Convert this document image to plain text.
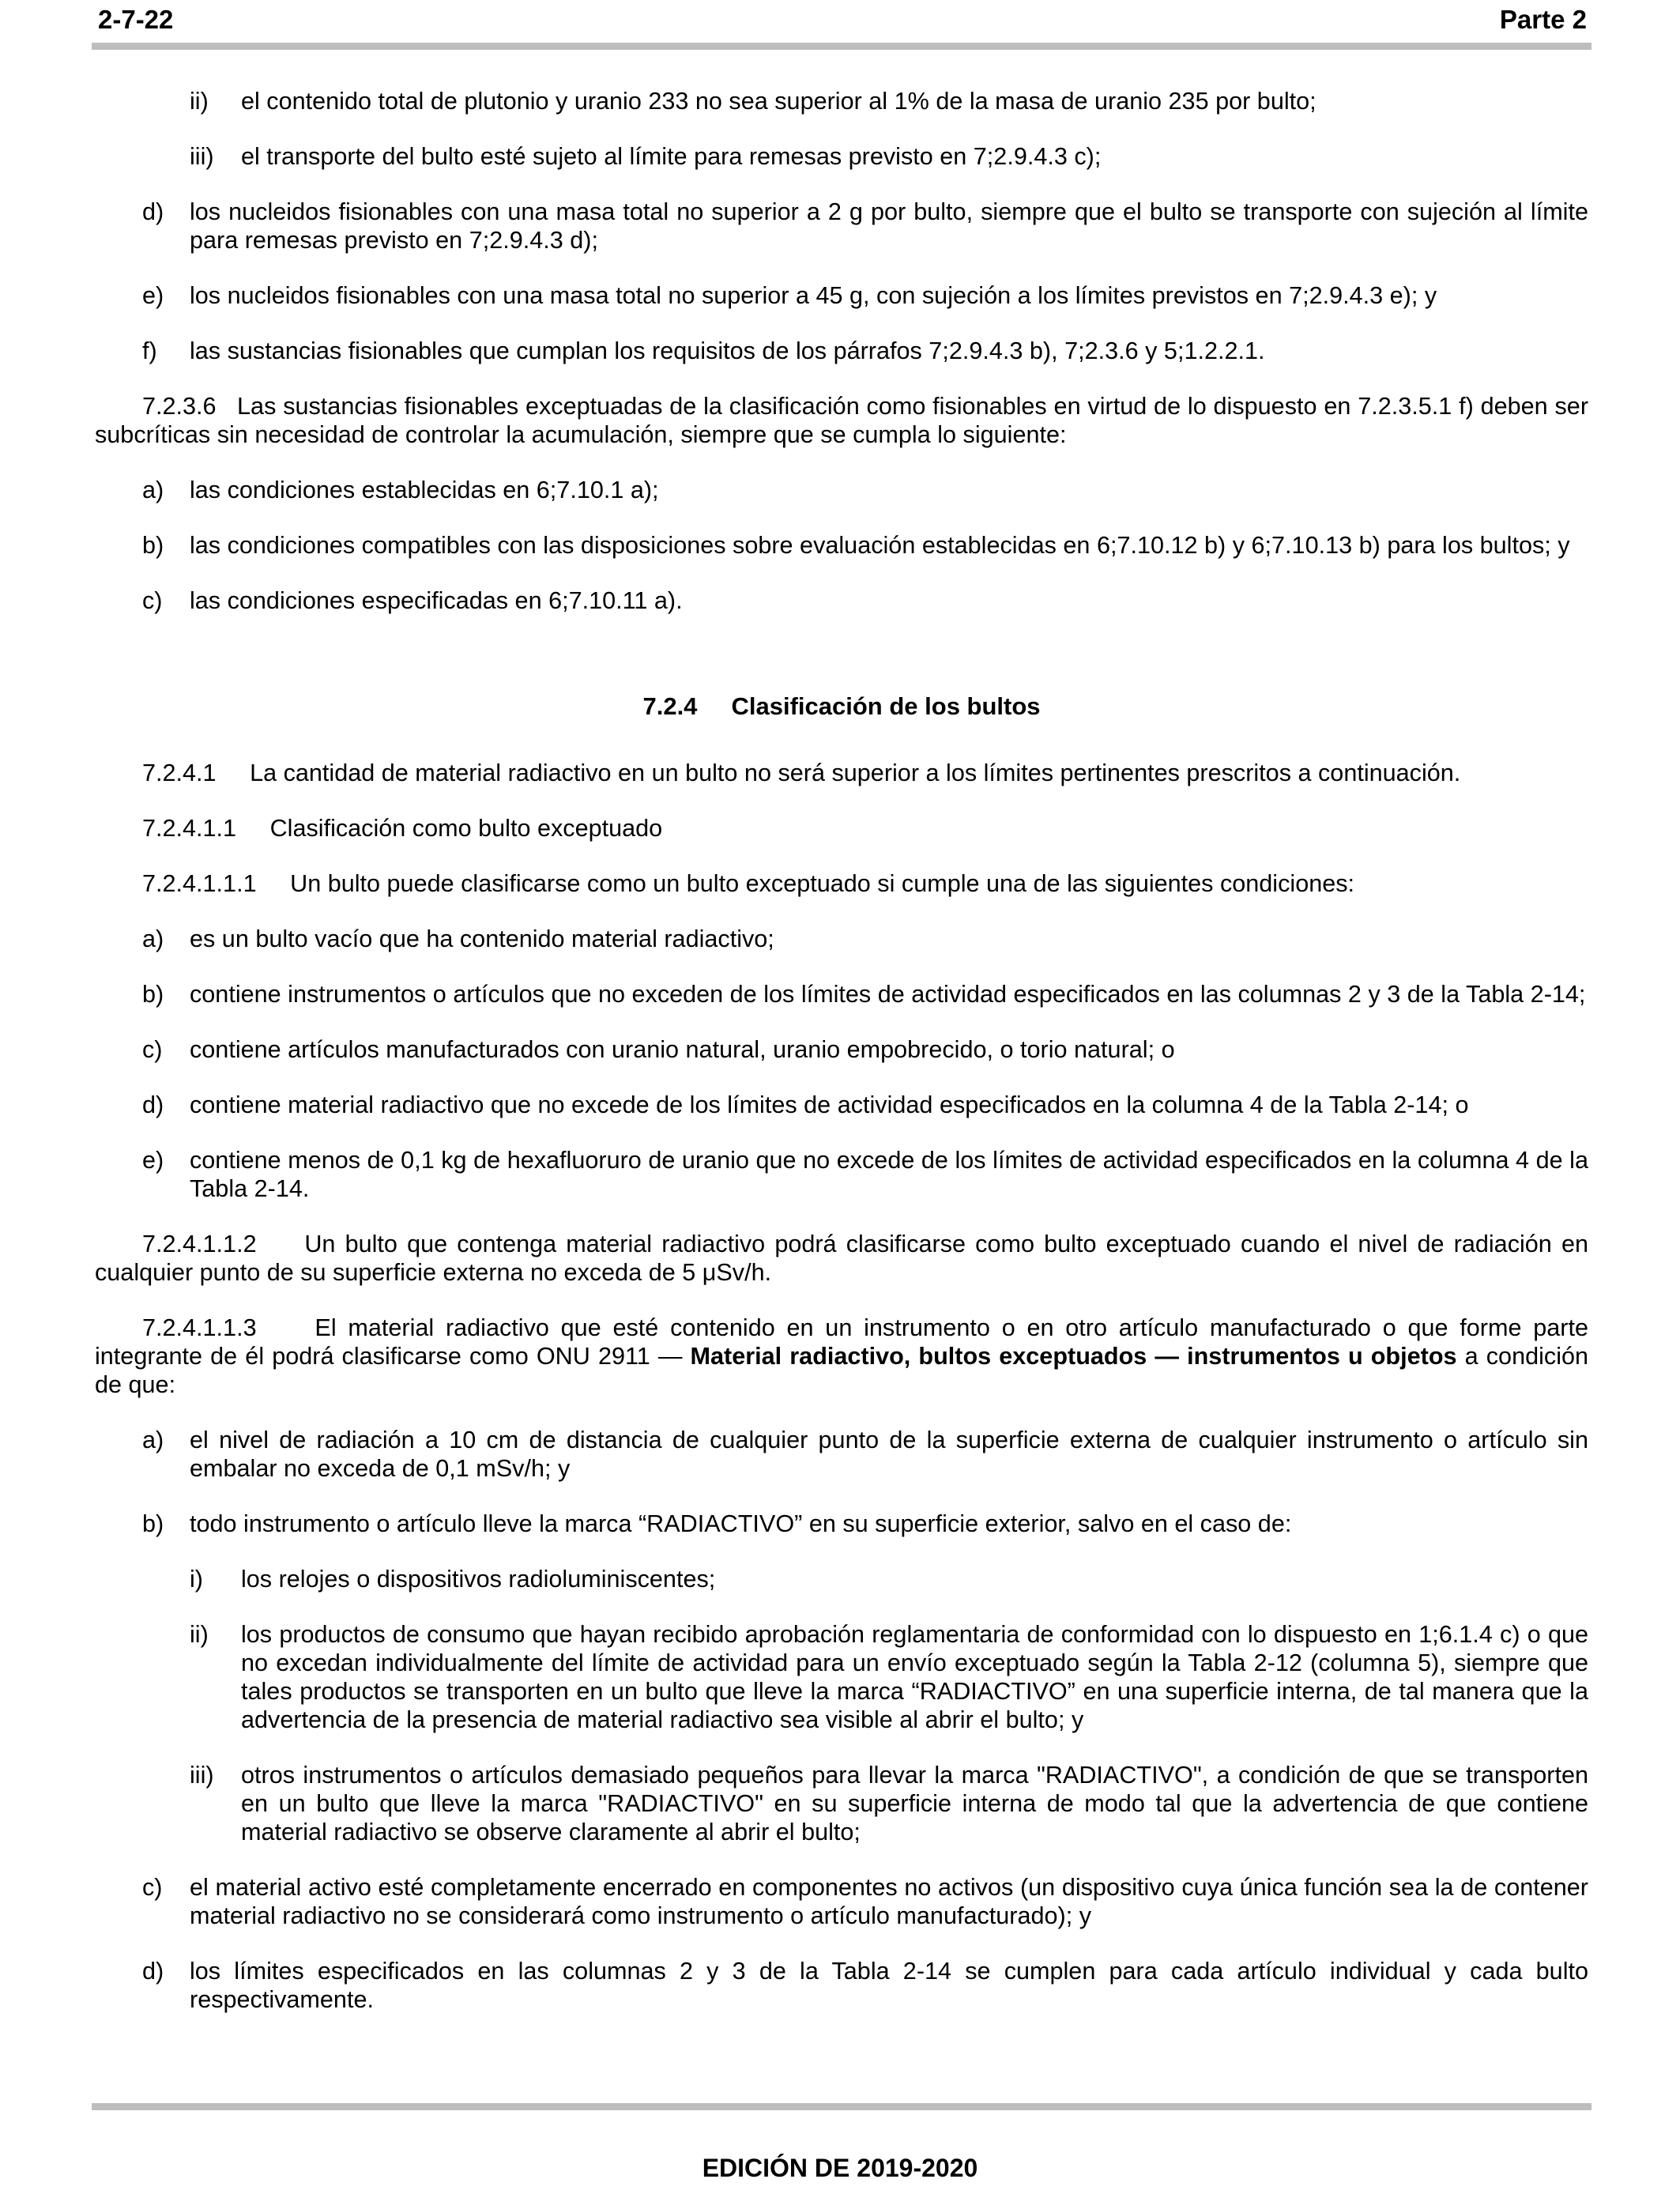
2-7-22	Parte 2
ii) el contenido total de plutonio y uranio 233 no sea superior al 1% de la masa de uranio 235 por bulto;
iii) el transporte del bulto esté sujeto al límite para remesas previsto en 7;2.9.4.3 c);
d) los nucleidos fisionables con una masa total no superior a 2 g por bulto, siempre que el bulto se transporte con sujeción al límite para remesas previsto en 7;2.9.4.3 d);
e) los nucleidos fisionables con una masa total no superior a 45 g, con sujeción a los límites previstos en 7;2.9.4.3 e); y
f) las sustancias fisionables que cumplan los requisitos de los párrafos 7;2.9.4.3 b), 7;2.3.6 y 5;1.2.2.1.

7.2.3.6 Las sustancias fisionables exceptuadas de la clasificación como fisionables en virtud de lo dispuesto en 7.2.3.5.1 f) deben ser subcríticas sin necesidad de controlar la acumulación, siempre que se cumpla lo siguiente:

a) las condiciones establecidas en 6;7.10.1 a);
b) las condiciones compatibles con las disposiciones sobre evaluación establecidas en 6;7.10.12 b) y 6;7.10.13 b) para los bultos; y
c) las condiciones especificadas en 6;7.10.11 a).

7.2.4 Clasificación de los bultos

7.2.4.1 La cantidad de material radiactivo en un bulto no será superior a los límites pertinentes prescritos a continuación.

7.2.4.1.1 Clasificación como bulto exceptuado

7.2.4.1.1.1 Un bulto puede clasificarse como un bulto exceptuado si cumple una de las siguientes condiciones:

a) es un bulto vacío que ha contenido material radiactivo;
b) contiene instrumentos o artículos que no exceden de los límites de actividad especificados en las columnas 2 y 3 de la Tabla 2-14;
c) contiene artículos manufacturados con uranio natural, uranio empobrecido, o torio natural; o
d) contiene material radiactivo que no excede de los límites de actividad especificados en la columna 4 de la Tabla 2-14; o
e) contiene menos de 0,1 kg de hexafluoruro de uranio que no excede de los límites de actividad especificados en la columna 4 de la Tabla 2-14.

7.2.4.1.1.2 Un bulto que contenga material radiactivo podrá clasificarse como bulto exceptuado cuando el nivel de radiación en cualquier punto de su superficie externa no exceda de 5 μSv/h.

7.2.4.1.1.3 El material radiactivo que esté contenido en un instrumento o en otro artículo manufacturado o que forme parte integrante de él podrá clasificarse como ONU 2911 — Material radiactivo, bultos exceptuados — instrumentos u objetos a condición de que:

a) el nivel de radiación a 10 cm de distancia de cualquier punto de la superficie externa de cualquier instrumento o artículo sin embalar no exceda de 0,1 mSv/h; y
b) todo instrumento o artículo lleve la marca “RADIACTIVO” en su superficie exterior, salvo en el caso de:
i) los relojes o dispositivos radioluminiscentes;
ii) los productos de consumo que hayan recibido aprobación reglamentaria de conformidad con lo dispuesto en 1;6.1.4 c) o que no excedan individualmente del límite de actividad para un envío exceptuado según la Tabla 2-12 (columna 5), siempre que tales productos se transporten en un bulto que lleve la marca “RADIACTIVO” en una superficie interna, de tal manera que la advertencia de la presencia de material radiactivo sea visible al abrir el bulto; y
iii) otros instrumentos o artículos demasiado pequeños para llevar la marca "RADIACTIVO", a condición de que se transporten en un bulto que lleve la marca "RADIACTIVO" en su superficie interna de modo tal que la advertencia de que contiene material radiactivo se observe claramente al abrir el bulto;
c) el material activo esté completamente encerrado en componentes no activos (un dispositivo cuya única función sea la de contener material radiactivo no se considerará como instrumento o artículo manufacturado); y
d) los límites especificados en las columnas 2 y 3 de la Tabla 2-14 se cumplen para cada artículo individual y cada bulto respectivamente.
EDICIÓN DE 2019-2020
